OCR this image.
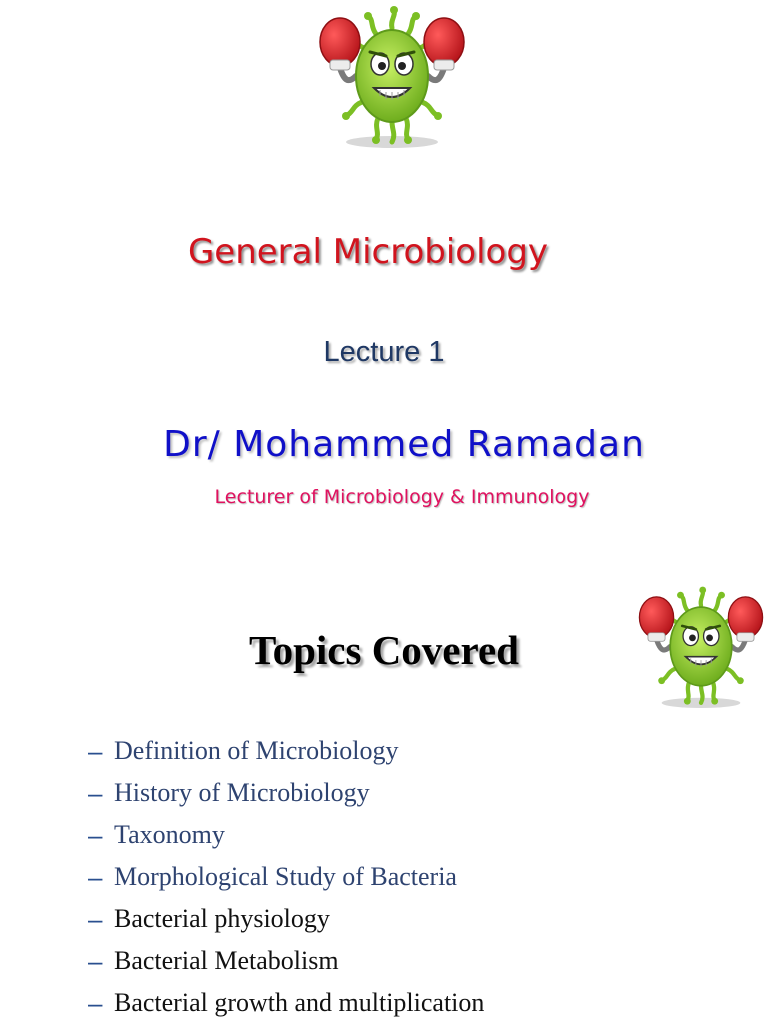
General Microbiology
Lecture 1
Dr/ Mohammed Ramadan
Lecturer of Microbiology & Immunology
Topics Covered
– Definition of Microbiology
– History of Microbiology
– Taxonomy
– Morphological Study of Bacteria
– Bacterial physiology
– Bacterial Metabolism
– Bacterial growth and multiplication
